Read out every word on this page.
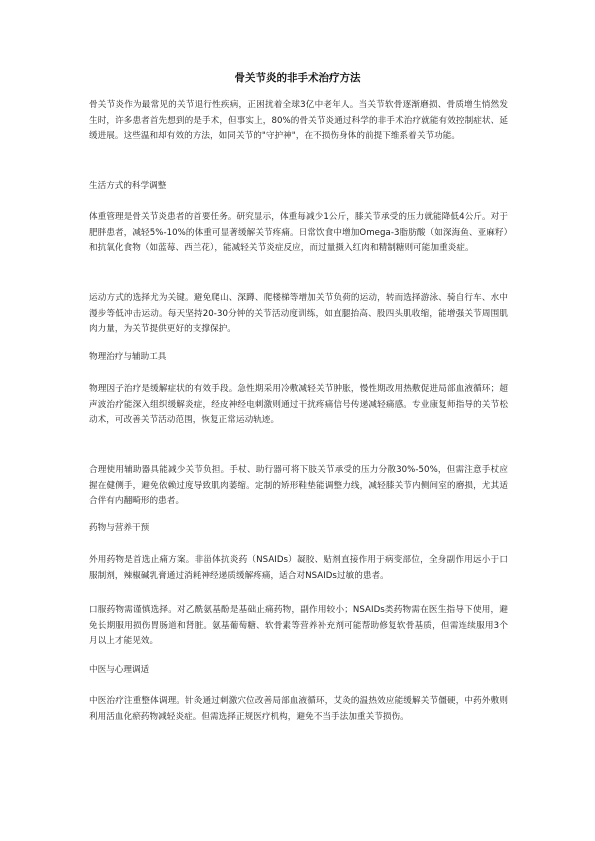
骨关节炎的非手术治疗方法

骨关节炎作为最常见的关节退行性疾病，正困扰着全球3亿中老年人。当关节软骨逐渐磨损、骨质增生悄然发生时，许多患者首先想到的是手术，但事实上，80%的骨关节炎通过科学的非手术治疗就能有效控制症状、延缓进展。这些温和却有效的方法，如同关节的"守护神"，在不损伤身体的前提下维系着关节功能。

生活方式的科学调整

体重管理是骨关节炎患者的首要任务。研究显示，体重每减少1公斤，膝关节承受的压力就能降低4公斤。对于肥胖患者，减轻5%-10%的体重可显著缓解关节疼痛。日常饮食中增加Omega-3脂肪酸（如深海鱼、亚麻籽）和抗氧化食物（如蓝莓、西兰花），能减轻关节炎症反应，而过量摄入红肉和精制糖则可能加重炎症。

运动方式的选择尤为关键。避免爬山、深蹲、爬楼梯等增加关节负荷的运动，转而选择游泳、骑自行车、水中漫步等低冲击运动。每天坚持20-30分钟的关节活动度训练，如直腿抬高、股四头肌收缩，能增强关节周围肌肉力量，为关节提供更好的支撑保护。

物理治疗与辅助工具

物理因子治疗是缓解症状的有效手段。急性期采用冷敷减轻关节肿胀，慢性期改用热敷促进局部血液循环；超声波治疗能深入组织缓解炎症，经皮神经电刺激则通过干扰疼痛信号传递减轻痛感。专业康复师指导的关节松动术，可改善关节活动范围，恢复正常运动轨迹。

合理使用辅助器具能减少关节负担。手杖、助行器可将下肢关节承受的压力分散30%-50%，但需注意手杖应握在健侧手，避免依赖过度导致肌肉萎缩。定制的矫形鞋垫能调整力线，减轻膝关节内侧间室的磨损，尤其适合伴有内翻畸形的患者。

药物与营养干预

外用药物是首选止痛方案。非甾体抗炎药（NSAIDs）凝胶、贴剂直接作用于病变部位，全身副作用远小于口服制剂，辣椒碱乳膏通过消耗神经递质缓解疼痛，适合对NSAIDs过敏的患者。

口服药物需谨慎选择。对乙酰氨基酚是基础止痛药物，副作用较小；NSAIDs类药物需在医生指导下使用，避免长期服用损伤胃肠道和肾脏。氨基葡萄糖、软骨素等营养补充剂可能帮助修复软骨基质，但需连续服用3个月以上才能见效。

中医与心理调适

中医治疗注重整体调理。针灸通过刺激穴位改善局部血液循环，艾灸的温热效应能缓解关节僵硬，中药外敷则利用活血化瘀药物减轻炎症。但需选择正规医疗机构，避免不当手法加重关节损伤。
